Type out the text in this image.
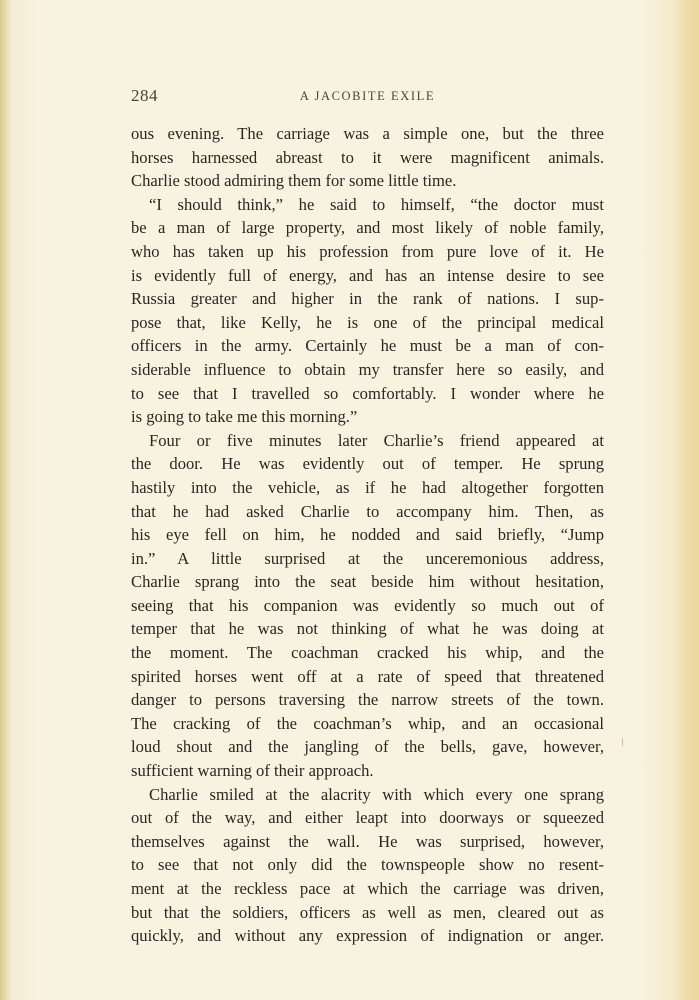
284	A JACOBITE EXILE
ous evening. The carriage was a simple one, but the three
horses harnessed abreast to it were magnificent animals.
Charlie stood admiring them for some little time.
“I should think,” he said to himself, “the doctor must
be a man of large property, and most likely of noble family,
who has taken up his profession from pure love of it. He
is evidently full of energy, and has an intense desire to see
Russia greater and higher in the rank of nations. I sup-
pose that, like Kelly, he is one of the principal medical
officers in the army. Certainly he must be a man of con-
siderable influence to obtain my transfer here so easily, and
to see that I travelled so comfortably. I wonder where he
is going to take me this morning.”
Four or five minutes later Charlie’s friend appeared at
the door. He was evidently out of temper. He sprung
hastily into the vehicle, as if he had altogether forgotten
that he had asked Charlie to accompany him. Then, as
his eye fell on him, he nodded and said briefly, “Jump
in.” A little surprised at the unceremonious address,
Charlie sprang into the seat beside him without hesitation,
seeing that his companion was evidently so much out of
temper that he was not thinking of what he was doing at
the moment. The coachman cracked his whip, and the
spirited horses went off at a rate of speed that threatened
danger to persons traversing the narrow streets of the town.
The cracking of the coachman’s whip, and an occasional
loud shout and the jangling of the bells, gave, however,
sufficient warning of their approach.
Charlie smiled at the alacrity with which every one sprang
out of the way, and either leapt into doorways or squeezed
themselves against the wall. He was surprised, however,
to see that not only did the townspeople show no resent-
ment at the reckless pace at which the carriage was driven,
but that the soldiers, officers as well as men, cleared out as
quickly, and without any expression of indignation or anger.
